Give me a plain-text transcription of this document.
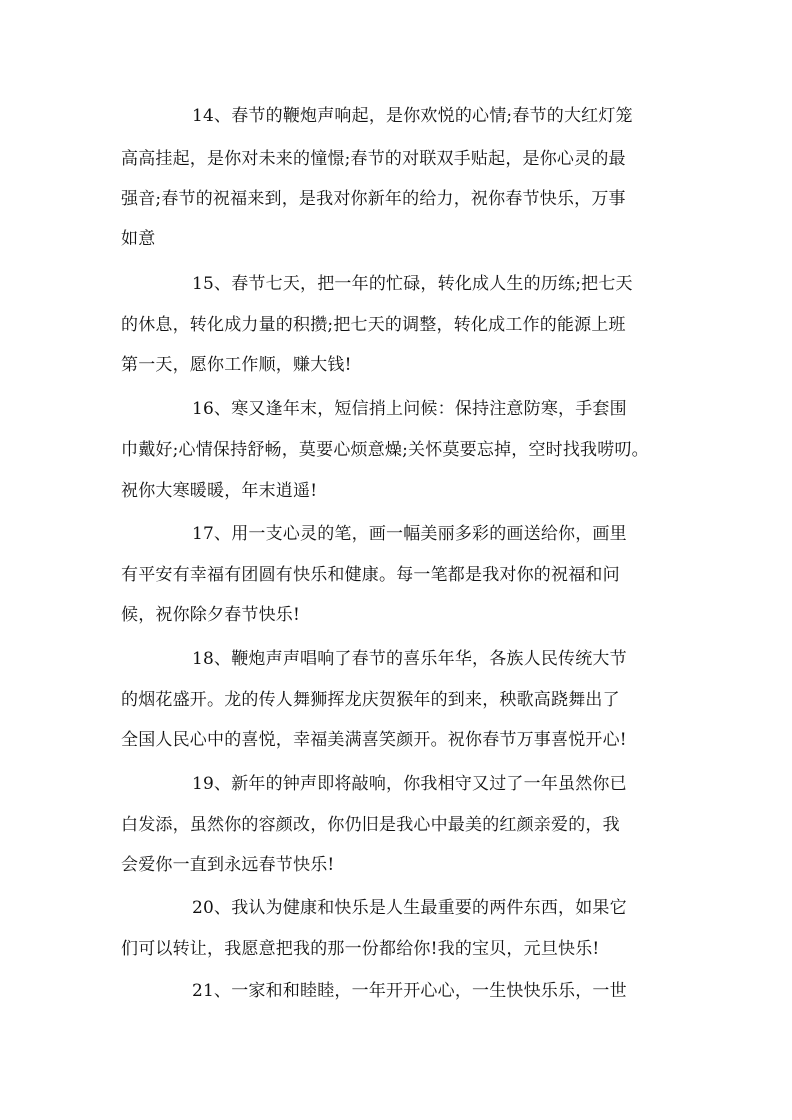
14、春节的鞭炮声响起，是你欢悦的心情;春节的大红灯笼
高高挂起，是你对未来的憧憬;春节的对联双手贴起，是你心灵的最
强音;春节的祝福来到，是我对你新年的给力，祝你春节快乐，万事
如意
15、春节七天，把一年的忙碌，转化成人生的历练;把七天
的休息，转化成力量的积攒;把七天的调整，转化成工作的能源上班
第一天，愿你工作顺，赚大钱!
16、寒又逢年末，短信捎上问候：保持注意防寒，手套围
巾戴好;心情保持舒畅，莫要心烦意燥;关怀莫要忘掉，空时找我唠叨。
祝你大寒暖暖，年末逍遥!
17、用一支心灵的笔，画一幅美丽多彩的画送给你，画里
有平安有幸福有团圆有快乐和健康。每一笔都是我对你的祝福和问
候，祝你除夕春节快乐!
18、鞭炮声声唱响了春节的喜乐年华，各族人民传统大节
的烟花盛开。龙的传人舞狮挥龙庆贺猴年的到来，秧歌高跷舞出了
全国人民心中的喜悦，幸福美满喜笑颜开。祝你春节万事喜悦开心!
19、新年的钟声即将敲响，你我相守又过了一年虽然你已
白发添，虽然你的容颜改，你仍旧是我心中最美的红颜亲爱的，我
会爱你一直到永远春节快乐!
20、我认为健康和快乐是人生最重要的两件东西，如果它
们可以转让，我愿意把我的那一份都给你!我的宝贝，元旦快乐!
21、一家和和睦睦，一年开开心心，一生快快乐乐，一世
